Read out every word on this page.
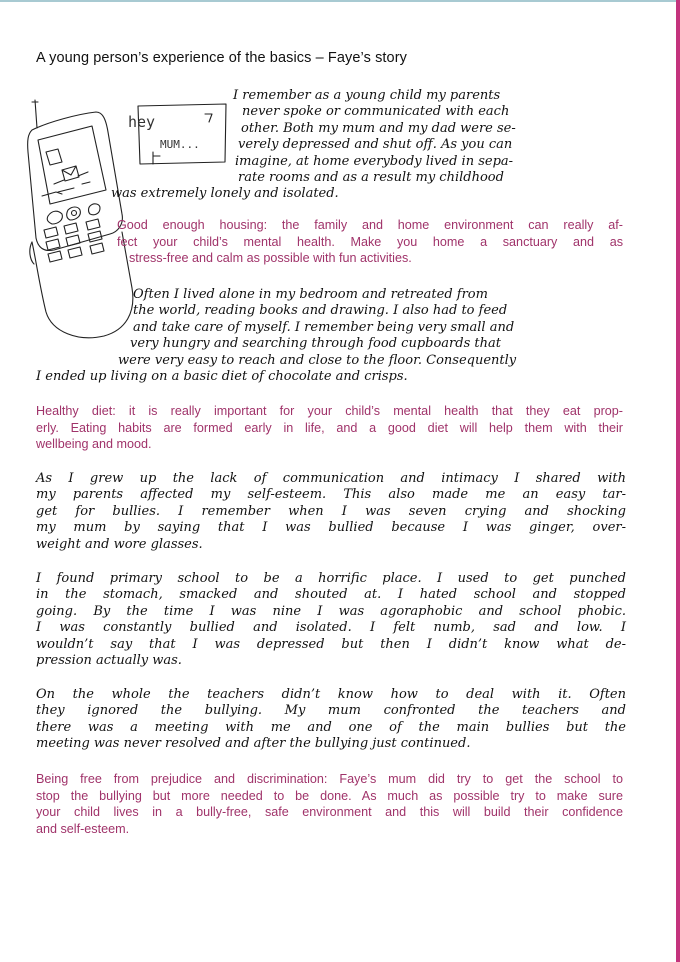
A young person’s experience of the basics – Faye’s story
hey
MUM...
I remember as a young child my parents
never spoke or communicated with each
other. Both my mum and my dad were se-
verely depressed and shut off. As you can
imagine, at home everybody lived in sepa-
rate rooms and as a result my childhood
was extremely lonely and isolated.
Good enough housing: the family and home environment can really af-
fect your child’s mental health. Make you home a sanctuary and as
stress-free and calm as possible with fun activities.
Often I lived alone in my bedroom and retreated from
the world, reading books and drawing. I also had to feed
and take care of myself. I remember being very small and
very hungry and searching through food cupboards that
were very easy to reach and close to the floor. Consequently
I ended up living on a basic diet of chocolate and crisps.
Healthy diet: it is really important for your child’s mental health that they eat prop-
erly. Eating habits are formed early in life, and a good diet will help them with their
wellbeing and mood.
As I grew up the lack of communication and intimacy I shared with
my parents affected my self-esteem. This also made me an easy tar-
get for bullies. I remember when I was seven crying and shocking
my mum by saying that I was bullied because I was ginger, over-
weight and wore glasses.
I found primary school to be a horrific place. I used to get punched
in the stomach, smacked and shouted at. I hated school and stopped
going. By the time I was nine I was agoraphobic and school phobic.
I was constantly bullied and isolated. I felt numb, sad and low. I
wouldn’t say that I was depressed but then I didn’t know what de-
pression actually was.
On the whole the teachers didn’t know how to deal with it. Often
they ignored the bullying. My mum confronted the teachers and
there was a meeting with me and one of the main bullies but the
meeting was never resolved and after the bullying just continued.
Being free from prejudice and discrimination: Faye’s mum did try to get the school to
stop the bullying but more needed to be done. As much as possible try to make sure
your child lives in a bully-free, safe environment and this will build their confidence
and self-esteem.
